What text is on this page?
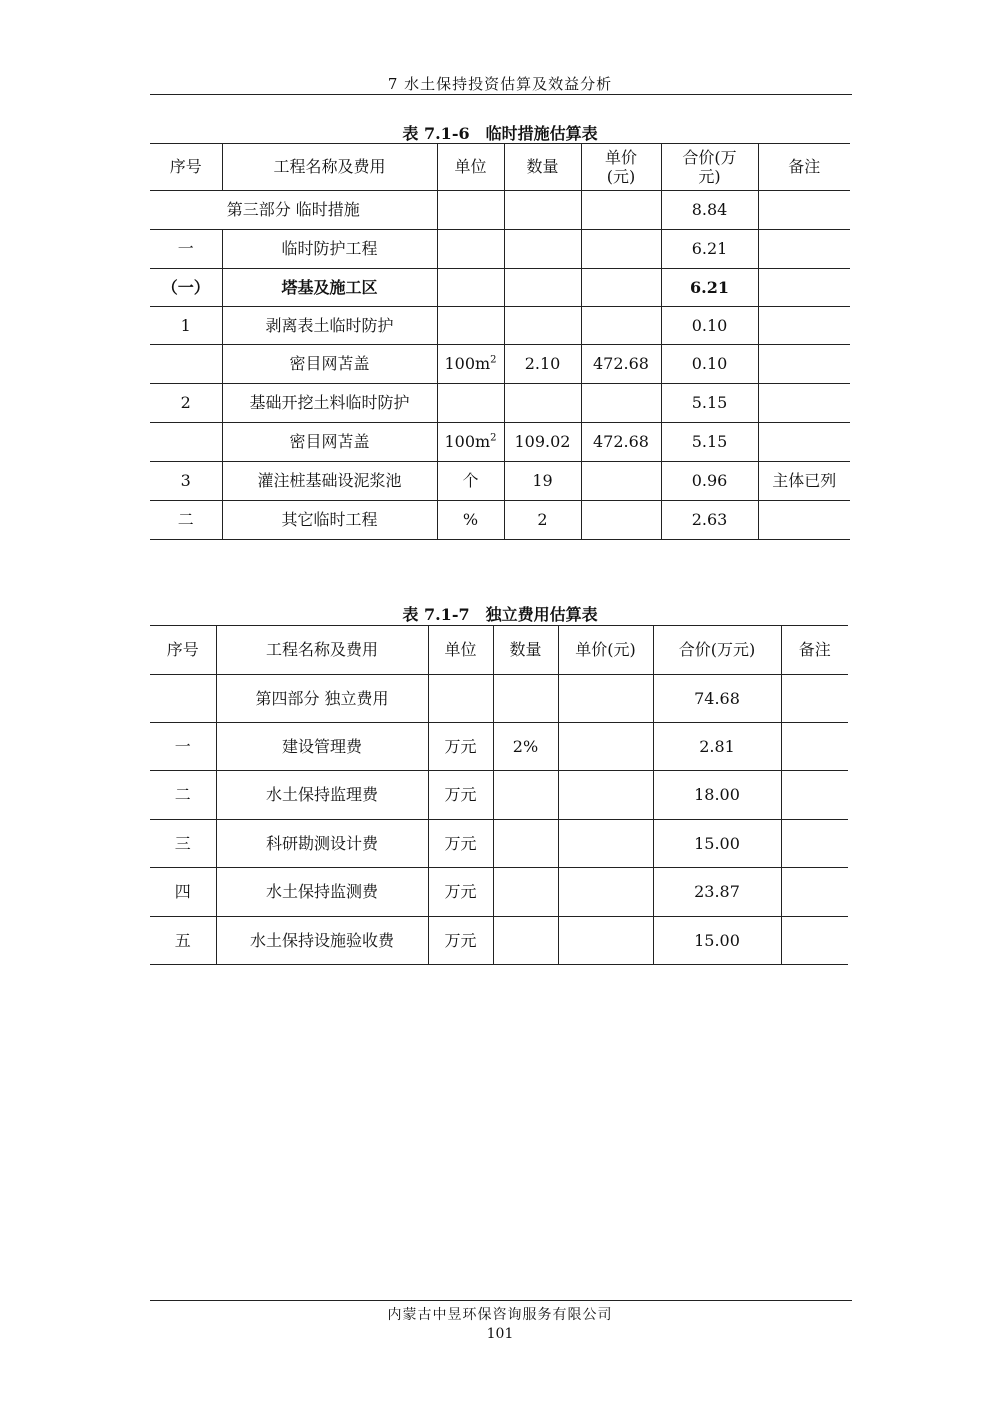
7 水土保持投资估算及效益分析
表 7.1-6　临时措施估算表
序号	工程名称及费用	单位	数量	单价(元)	合价(万元)	备注
第三部分 临时措施					8.84	
一	临时防护工程				6.21	
（一）	塔基及施工区				6.21	
1	剥离表土临时防护				0.10	
	密目网苫盖	$100m^2$	2.10	472.68	0.10	
2	基础开挖土料临时防护				5.15	
	密目网苫盖	$100m^2$	109.02	472.68	5.15	
3	灌注桩基础设泥浆池	个	19		0.96	主体已列
二	其它临时工程	%	2		2.63	
表 7.1-7　独立费用估算表
序号	工程名称及费用	单位	数量	单价(元)	合价(万元)	备注
	第四部分 独立费用				74.68	
一	建设管理费	万元	2%		2.81	
二	水土保持监理费	万元			18.00	
三	科研勘测设计费	万元			15.00	
四	水土保持监测费	万元			23.87	
五	水土保持设施验收费	万元			15.00	
内蒙古中昱环保咨询服务有限公司
101
